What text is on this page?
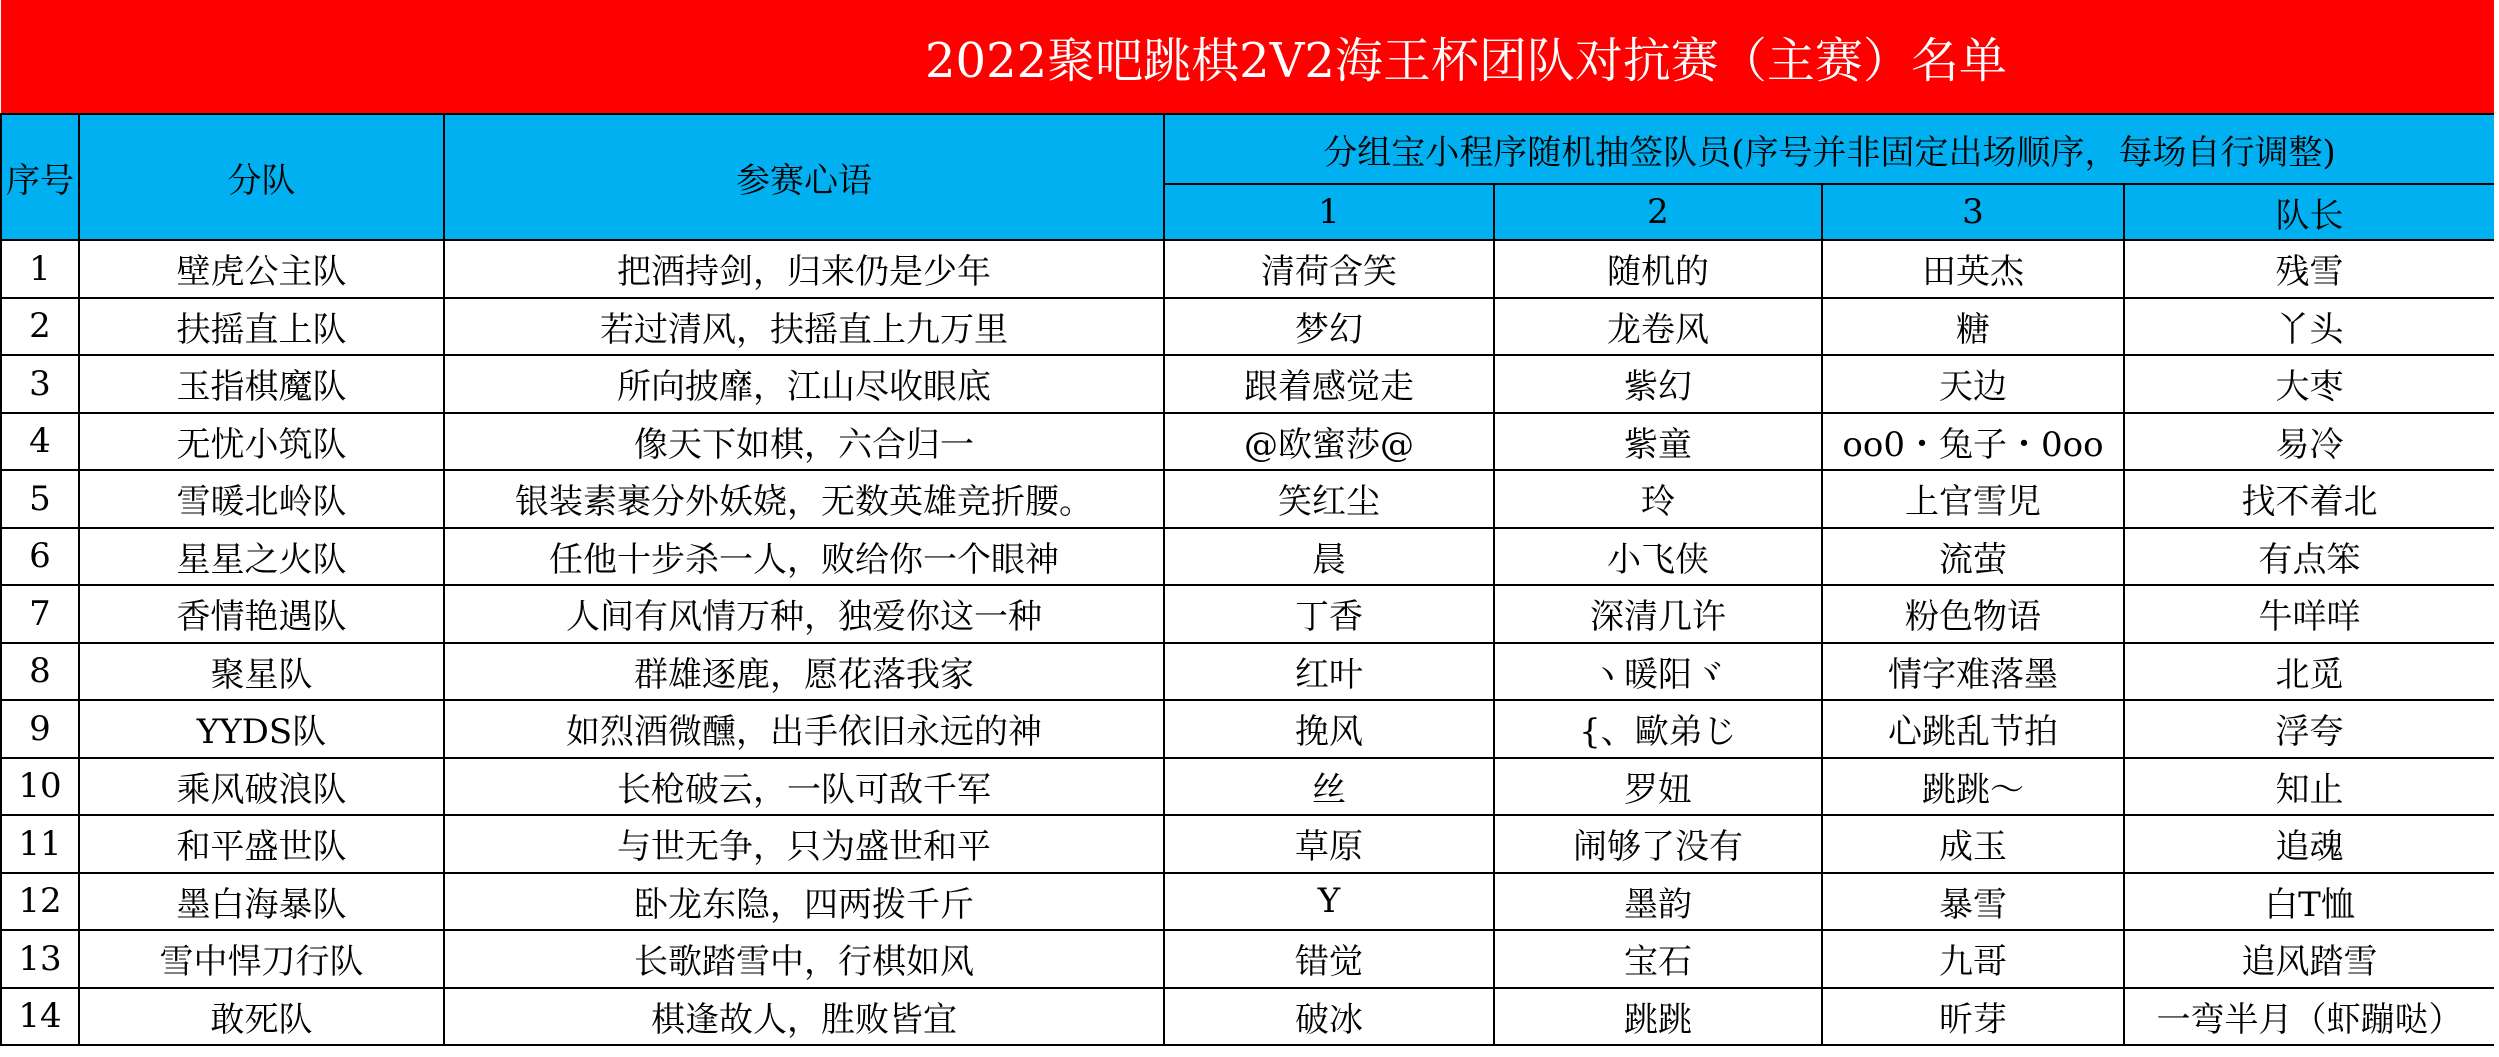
2022聚吧跳棋2V2海王杯团队对抗赛（主赛）名单						
序号	分队	参赛心语	分组宝小程序随机抽签队员(序号并非固定出场顺序，每场自行调整)			
			1	2	3	队长
1	壁虎公主队	把酒持剑，归来仍是少年	清荷含笑	随机的	田英杰	残雪
2	扶摇直上队	若过清风，扶摇直上九万里	梦幻	龙卷风	糖	丫头
3	玉指棋魔队	所向披靡，江山尽收眼底	跟着感觉走	紫幻	天边	大枣
4	无忧小筑队	像天下如棋，六合归一	@欧蜜莎@	紫童	oo0・兔子・0oo	易冷
5	雪暖北岭队	银装素裹分外妖娆，无数英雄竞折腰。	笑红尘	玲	上官雪児	找不着北
6	星星之火队	任他十步杀一人，败给你一个眼神	晨	小飞侠	流萤	有点笨
7	香情艳遇队	人间有风情万种，独爱你这一种	丁香	深清几许	粉色物语	牛咩咩
8	聚星队	群雄逐鹿，愿花落我家	红叶	ヽ暖阳ヾ	情字难落墨	北觅
9	YYDS队	如烈酒微醺，出手依旧永远的神	挽风	{、歐弟じ	心跳乱节拍	浮夸
10	乘风破浪队	长枪破云，一队可敌千军	丝	罗妞	跳跳～	知止
11	和平盛世队	与世无争，只为盛世和平	草原	闹够了没有	成玉	追魂
12	墨白海暴队	卧龙东隐，四两拨千斤	Y	墨韵	暴雪	白T恤
13	雪中悍刀行队	长歌踏雪中，行棋如风	错觉	宝石	九哥	追风踏雪
14	敢死队	棋逢故人，胜败皆宜	破冰	跳跳	昕芽	一弯半月（虾蹦哒）
